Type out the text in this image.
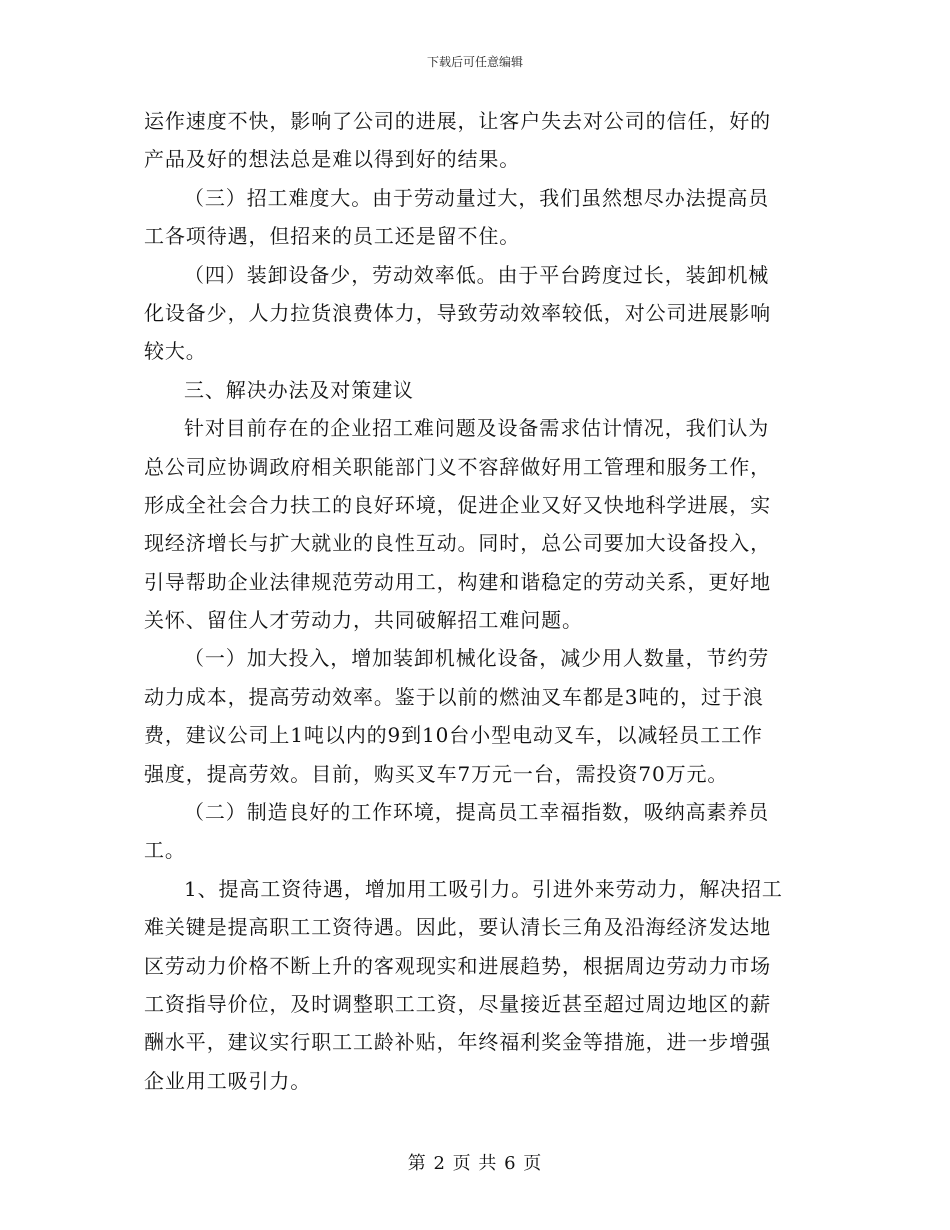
下载后可任意编辑
运作速度不快，影响了公司的进展，让客户失去对公司的信任，好的
产品及好的想法总是难以得到好的结果。
（三）招工难度大。由于劳动量过大，我们虽然想尽办法提高员
工各项待遇，但招来的员工还是留不住。
（四）装卸设备少，劳动效率低。由于平台跨度过长，装卸机械
化设备少，人力拉货浪费体力，导致劳动效率较低，对公司进展影响
较大。
三、解决办法及对策建议
针对目前存在的企业招工难问题及设备需求估计情况，我们认为
总公司应协调政府相关职能部门义不容辞做好用工管理和服务工作，
形成全社会合力扶工的良好环境，促进企业又好又快地科学进展，实
现经济增长与扩大就业的良性互动。同时，总公司要加大设备投入，
引导帮助企业法律规范劳动用工，构建和谐稳定的劳动关系，更好地
关怀、留住人才劳动力，共同破解招工难问题。
（一）加大投入，增加装卸机械化设备，减少用人数量，节约劳
动力成本，提高劳动效率。鉴于以前的燃油叉车都是3吨的，过于浪
费，建议公司上1吨以内的9到10台小型电动叉车，以减轻员工工作
强度，提高劳效。目前，购买叉车7万元一台，需投资70万元。
（二）制造良好的工作环境，提高员工幸福指数，吸纳高素养员
工。
1、提高工资待遇，增加用工吸引力。引进外来劳动力，解决招工
难关键是提高职工工资待遇。因此，要认清长三角及沿海经济发达地
区劳动力价格不断上升的客观现实和进展趋势，根据周边劳动力市场
工资指导价位，及时调整职工工资，尽量接近甚至超过周边地区的薪
酬水平，建议实行职工工龄补贴，年终福利奖金等措施，进一步增强
企业用工吸引力。
第 2 页 共 6 页
